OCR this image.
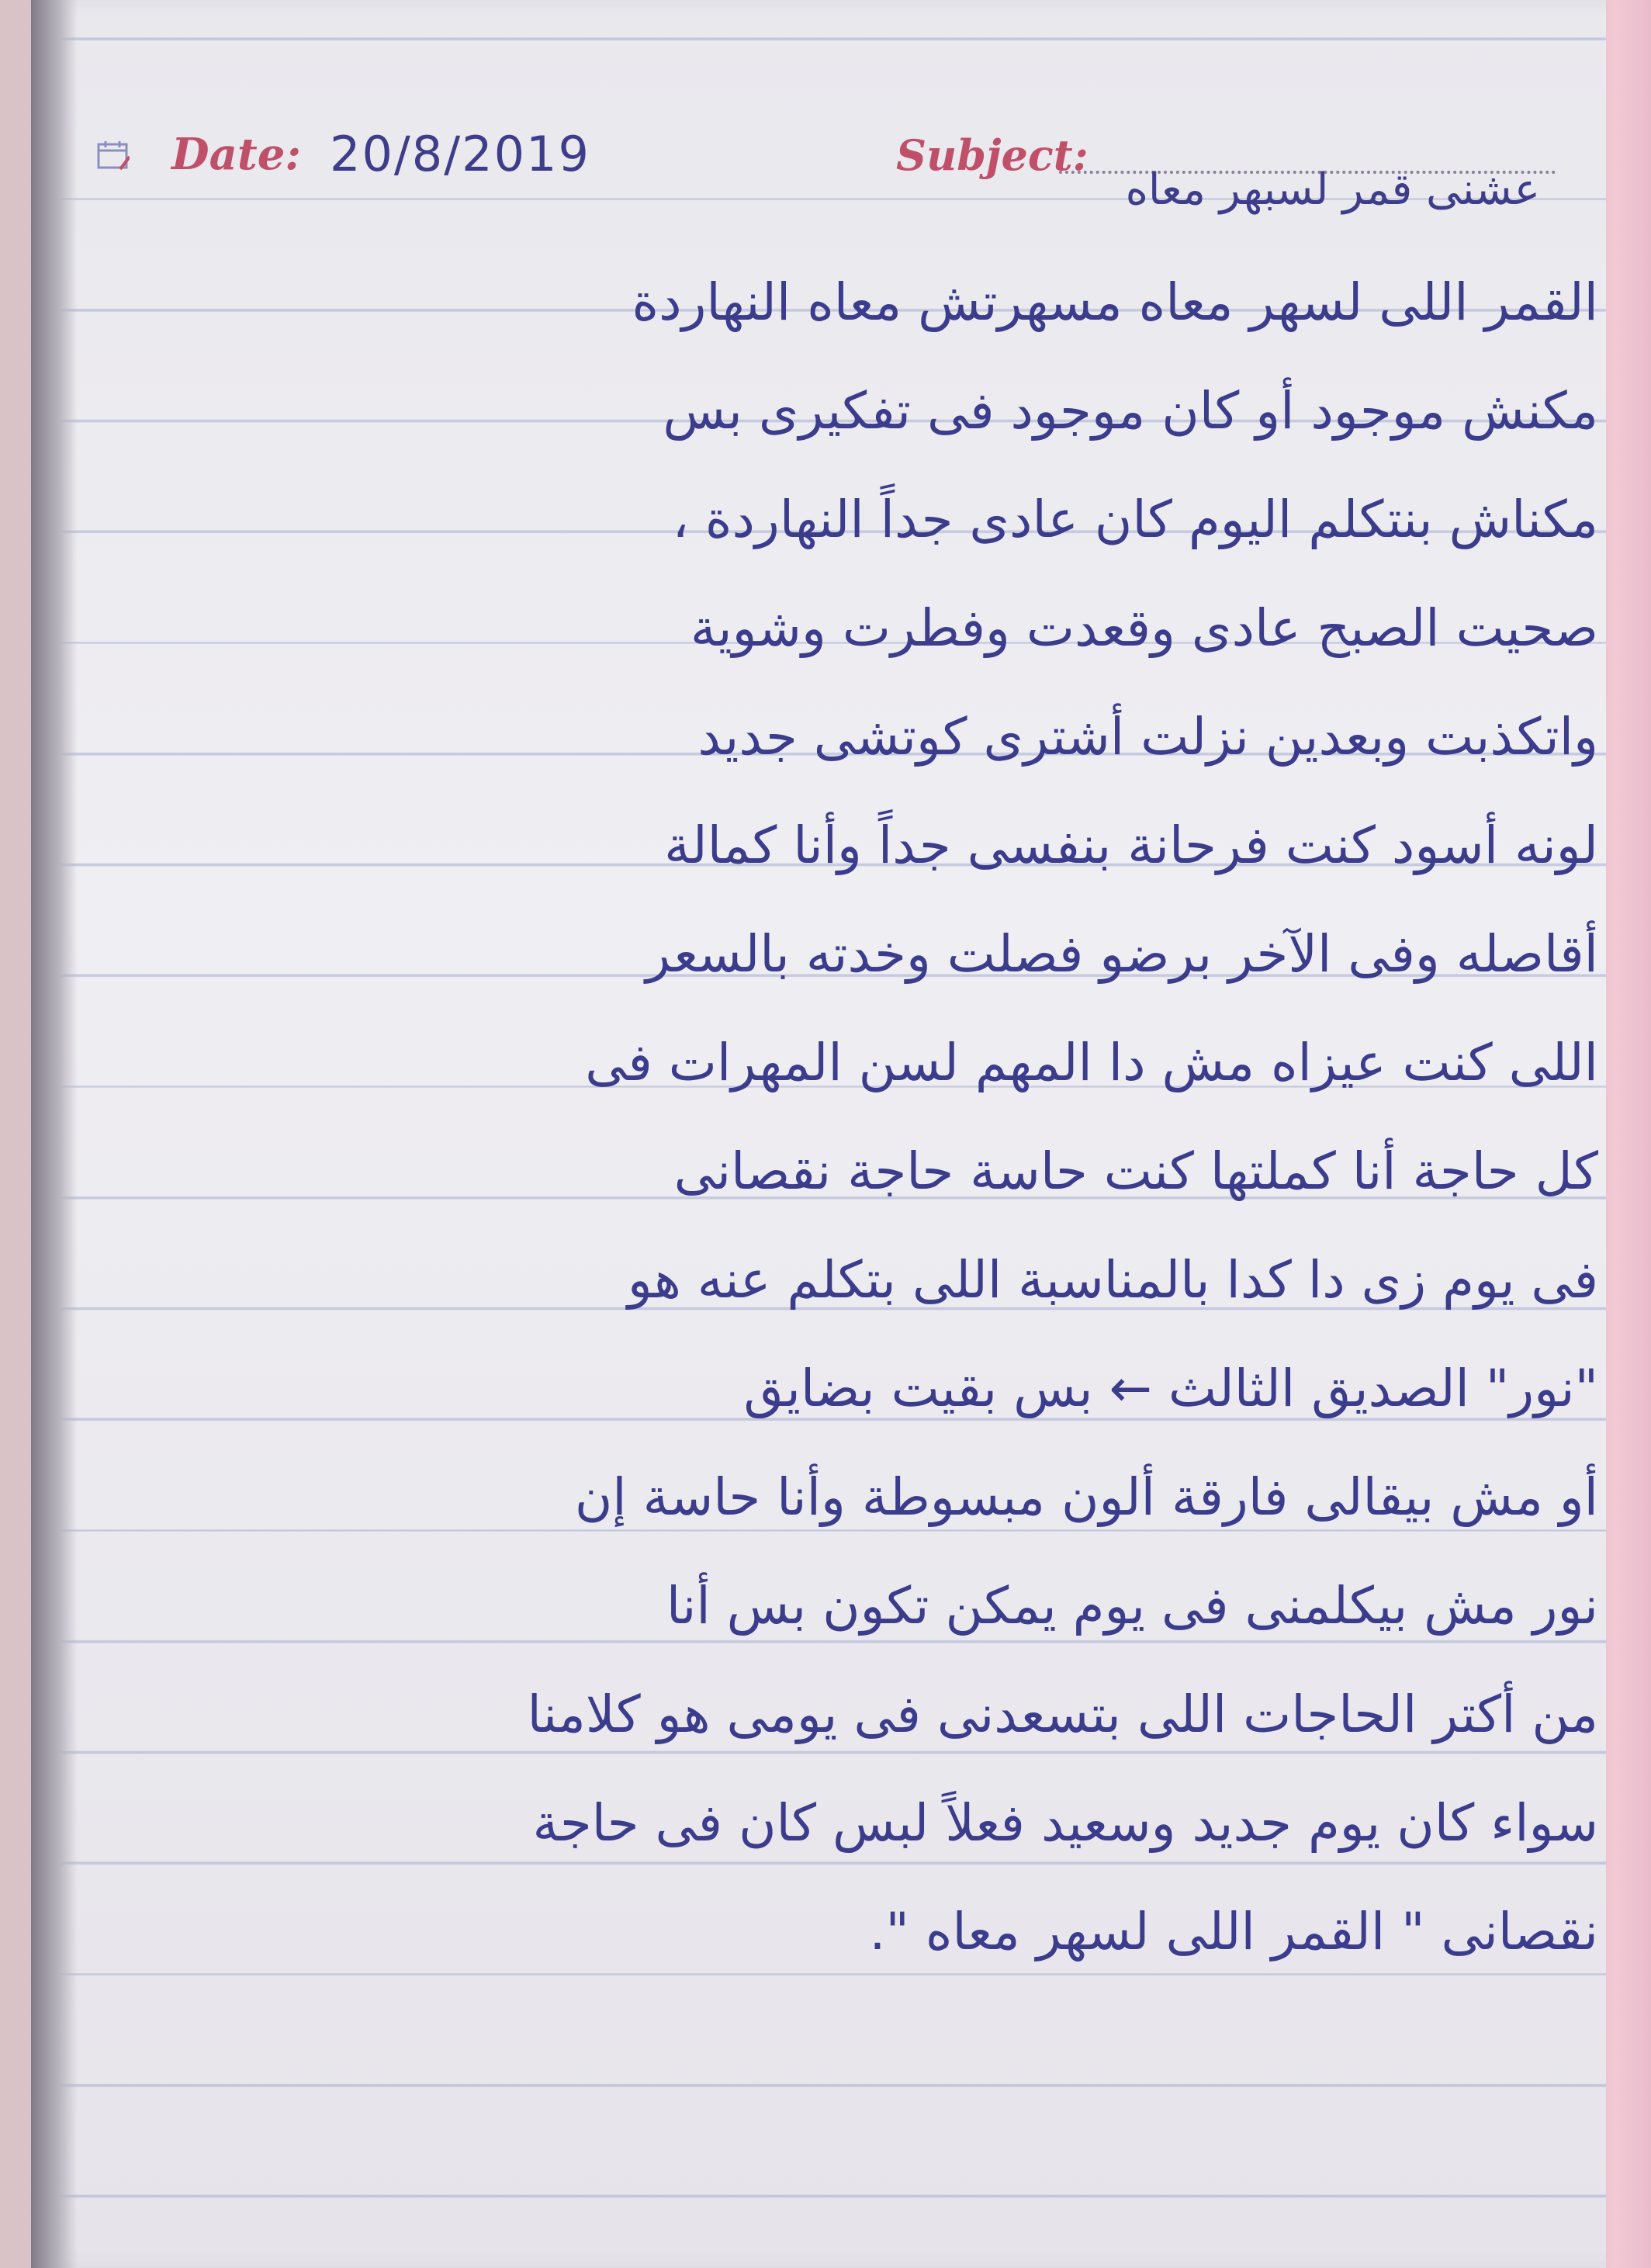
Date: 20/8/2019	Subject:
عشنى قمر لسبهر معاه
القمر اللى لسهر معاه مسهرتش معاه النهاردة
مكنش موجود أو كان موجود فى تفكيرى بس
مكناش بنتكلم اليوم كان عادى جداً النهاردة ،
صحيت الصبح عادى وقعدت وفطرت وشوية
واتكذبت وبعدين نزلت أشترى كوتشى جديد
لونه أسود كنت فرحانة بنفسى جداً وأنا كمالة
أقاصله وفى الآخر برضو فصلت وخدته بالسعر
اللى كنت عيزاه مش دا المهم لسن المهرات فى
كل حاجة أنا كملتها كنت حاسة حاجة نقصانى
فى يوم زى دا كدا بالمناسبة اللى بتكلم عنه هو
"نور" الصديق الثالث ← بس بقيت بضايق
أو مش بيقالى فارقة ألون مبسوطة وأنا حاسة إن
نور مش بيكلمنى فى يوم يمكن تكون بس أنا
من أكتر الحاجات اللى بتسعدنى فى يومى هو كلامنا
سواء كان يوم جديد وسعيد فعلاً لبس كان فى حاجة
نقصانى " القمر اللى لسهر معاه ".
